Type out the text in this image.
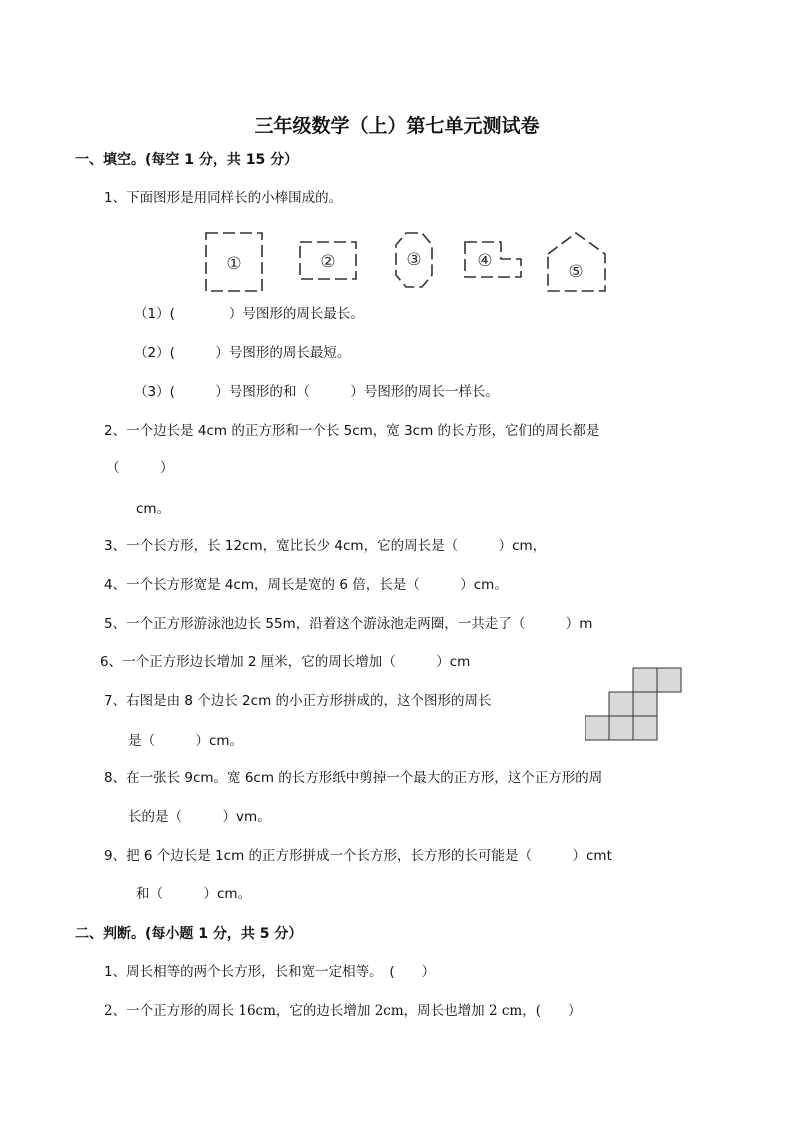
三年级数学（上）第七单元测试卷
一、填空。(每空 1 分，共 15 分）
1、下面图形是用同样长的小棒围成的。
①	②	③	④
⑤
（1）(　　　　）号图形的周长最长。
（2）(　　　）号图形的周长最短。
（3）(　　　）号图形的和（　　　）号图形的周长一样长。
2、一个边长是 4cm 的正方形和一个长 5cm，宽 3cm 的长方形，它们的周长都是
（　　　）
cm。
3、一个长方形，长 12cm，宽比长少 4cm，它的周长是（　　　）cm，
4、一个长方形宽是 4cm，周长是宽的 6 倍，长是（　　　）cm。
5、一个正方形游泳池边长 55m，沿着这个游泳池走两圈，一共走了（　　　）m
6、一个正方形边长增加 2 厘米，它的周长增加（　　　）cm
7、右图是由 8 个边长 2cm 的小正方形拼成的，这个图形的周长
是（　　　）cm。
8、在一张长 9cm。宽 6cm 的长方形纸中剪掉一个最大的正方形，这个正方形的周
长的是（　　　）vm。
9、把 6 个边长是 1cm 的正方形拼成一个长方形，长方形的长可能是（　　　）cmt
和（　　　）cm。
二、判断。(每小题 1 分，共 5 分）
1、周长相等的两个长方形，长和宽一定相等。　(　　）
2、一个正方形的周长 16cm，它的边长增加 2cm，周长也增加 2 cm，(　　）
